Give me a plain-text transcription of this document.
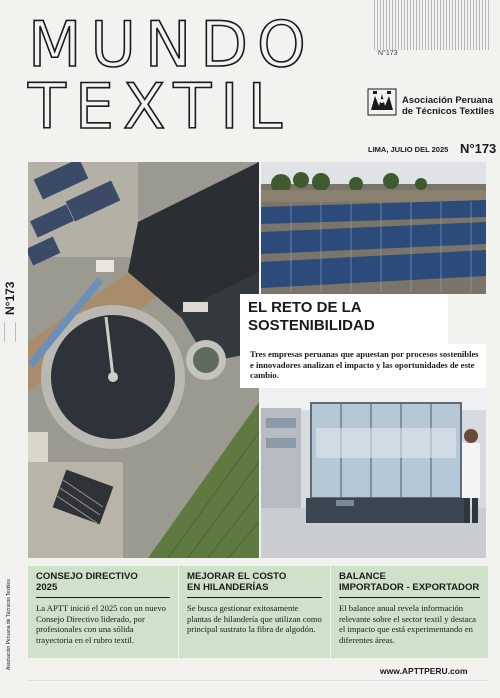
N°173
Asociación Peruana de Técnicos Textiles
N°173
MUNDO
TEXTIL	Asociación Peruana
de Técnicos Textiles
LIMA, JULIO DEL 2025 N°173
EL RETO DE LA
SOSTENIBILIDAD
Tres empresas peruanas que apuestan por procesos sostenibles e innovadores analizan el impacto y las oportunidades de este cambio.
CONSEJO DIRECTIVO
2025
La APTT inició el 2025 con un nuevo Consejo Directivo liderado, por profesionales con una sólida trayectoria en el rubro textil.
MEJORAR EL COSTO
EN HILANDERÍAS
Se busca gestionar exitosamente plantas de hilandería que utilizan como principal sustrato la fibra de algodón.
BALANCE
IMPORTADOR - EXPORTADOR
El balance anual revela información relevante sobre el sector textil y destaca el impacto que está experimentando en diferentes áreas.
www.APTTPERU.com
